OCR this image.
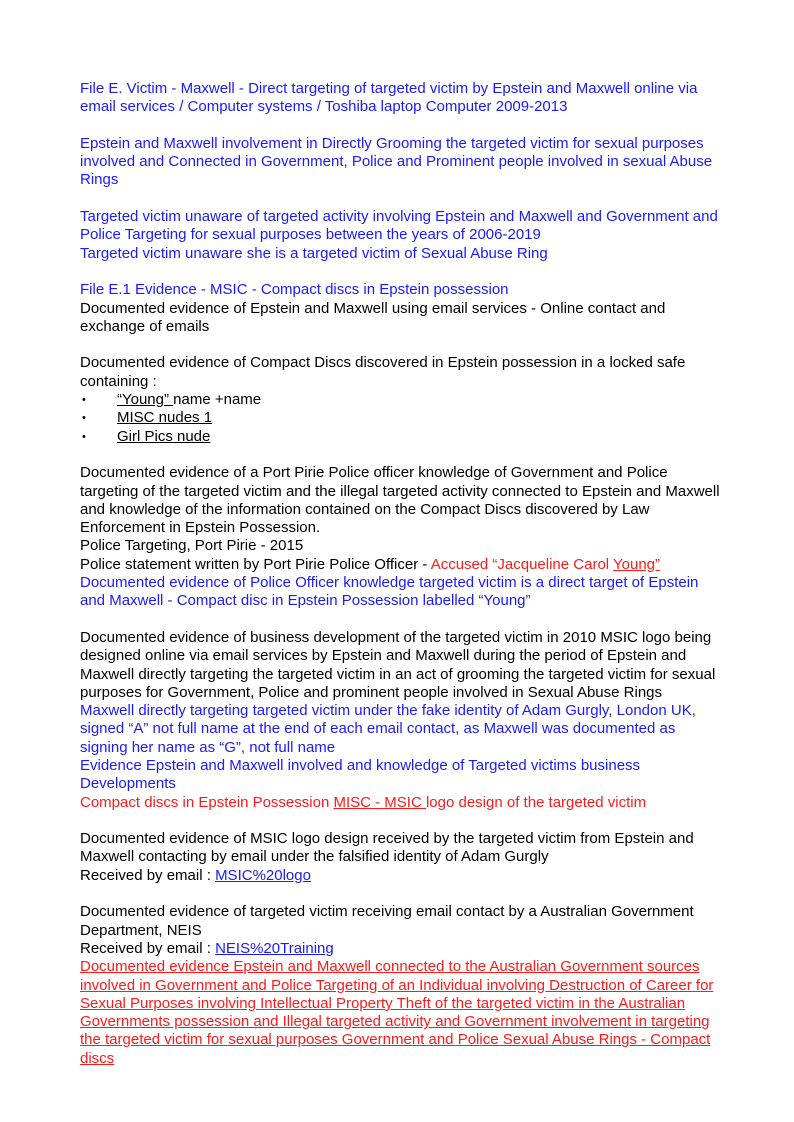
File E. Victim - Maxwell - Direct targeting of targeted victim by Epstein and Maxwell online via email services / Computer systems / Toshiba laptop Computer 2009-2013

Epstein and Maxwell involvement in Directly Grooming the targeted victim for sexual purposes involved and Connected in Government, Police and Prominent people involved in sexual Abuse Rings

Targeted victim unaware of targeted activity involving Epstein and Maxwell and Government and Police Targeting for sexual purposes between the years of 2006-2019

Targeted victim unaware she is a targeted victim of Sexual Abuse Ring

File E.1 Evidence - MSIC - Compact discs in Epstein possession

Documented evidence of Epstein and Maxwell using email services - Online contact and exchange of emails

Documented evidence of Compact Discs discovered in Epstein possession in a locked safe containing :

• “Young” name +name
• MISC nudes 1
• Girl Pics nude

Documented evidence of a Port Pirie Police officer knowledge of Government and Police targeting of the targeted victim and the illegal targeted activity connected to Epstein and Maxwell and knowledge of the information contained on the Compact Discs discovered by Law Enforcement in Epstein Possession.

Police Targeting, Port Pirie - 2015

Police statement written by Port Pirie Police Officer - Accused “Jacqueline Carol Young”

Documented evidence of Police Officer knowledge targeted victim is a direct target of Epstein and Maxwell - Compact disc in Epstein Possession labelled “Young”

Documented evidence of business development of the targeted victim in 2010 MSIC logo being designed online via email services by Epstein and Maxwell during the period of Epstein and Maxwell directly targeting the targeted victim in an act of grooming the targeted victim for sexual purposes for Government, Police and prominent people involved in Sexual Abuse Rings

Maxwell directly targeting targeted victim under the fake identity of Adam Gurgly, London UK, signed “A” not full name at the end of each email contact, as Maxwell was documented as signing her name as “G”, not full name

Evidence Epstein and Maxwell involved and knowledge of Targeted victims business Developments

Compact discs in Epstein Possession MISC - MSIC logo design of the targeted victim

Documented evidence of MSIC logo design received by the targeted victim from Epstein and Maxwell contacting by email under the falsified identity of Adam Gurgly

Received by email : MSIC%20logo

Documented evidence of targeted victim receiving email contact by a Australian Government Department, NEIS

Received by email : NEIS%20Training

Documented evidence Epstein and Maxwell connected to the Australian Government sources involved in Government and Police Targeting of an Individual involving Destruction of Career for Sexual Purposes involving Intellectual Property Theft of the targeted victim in the Australian Governments possession and Illegal targeted activity and Government involvement in targeting the targeted victim for sexual purposes Government and Police Sexual Abuse Rings - Compact discs
